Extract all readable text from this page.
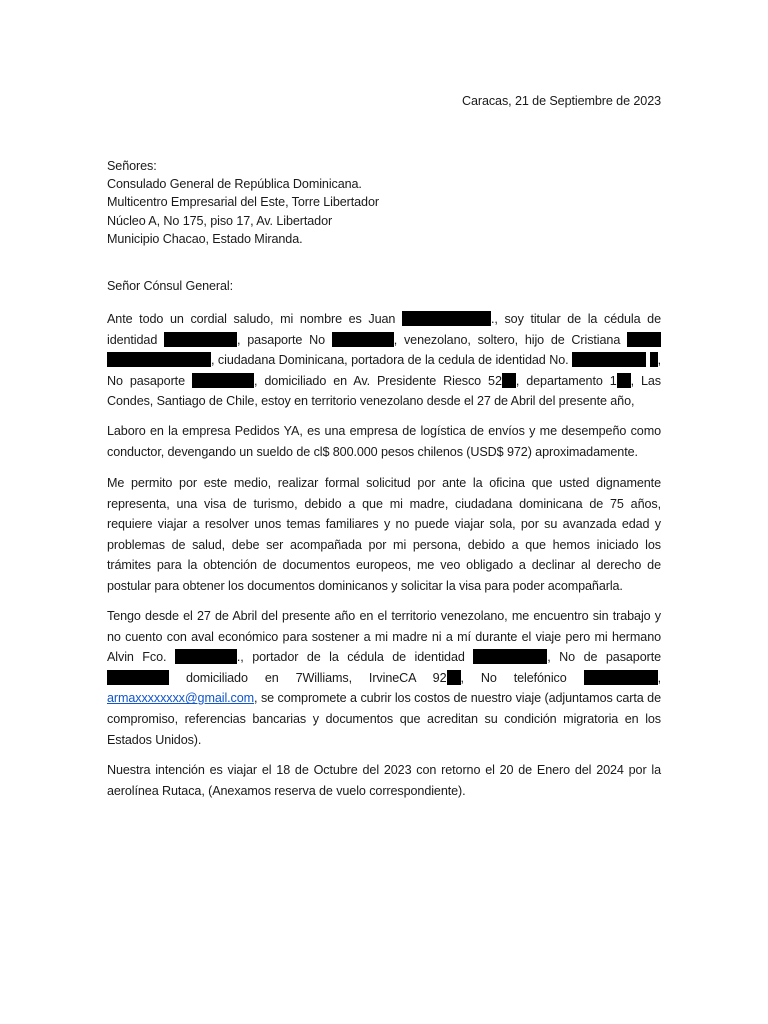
Caracas, 21 de Septiembre de 2023
Señores:
Consulado General de República Dominicana.
Multicentro Empresarial del Este, Torre Libertador
Núcleo A, No 175, piso 17, Av. Libertador
Municipio Chacao, Estado Miranda.
Señor Cónsul General:

Ante todo un cordial saludo, mi nombre es Juan	., soy titular de la cédula de identidad	, pasaporte No	, venezolano, soltero, hijo de Cristiana  , ciudadana Dominicana, portadora de la cedula de identidad No.	, No pasaporte	, domiciliado en Av. Presidente Riesco 52 , departamento 1 , Las Condes, Santiago de Chile, estoy en territorio venezolano desde el 27 de Abril del presente año,

Laboro en la empresa Pedidos YA, es una empresa de logística de envíos y me desempeño como conductor, devengando un sueldo de cl$ 800.000 pesos chilenos (USD$ 972) aproximadamente.

Me permito por este medio, realizar formal solicitud por ante la oficina que usted dignamente representa, una visa de turismo, debido a que mi madre, ciudadana dominicana de 75 años, requiere viajar a resolver unos temas familiares y no puede viajar sola, por su avanzada edad y problemas de salud, debe ser acompañada por mi persona, debido a que hemos iniciado los trámites para la obtención de documentos europeos, me veo obligado a declinar al derecho de postular para obtener los documentos dominicanos y solicitar la visa para poder acompañarla.

Tengo desde el 27 de Abril del presente año en el territorio venezolano, me encuentro sin trabajo y no cuento con aval económico para sostener a mi madre ni a mí durante el viaje pero mi hermano Alvin Fco.	., portador de la cédula de identidad	, No de pasaporte  domiciliado en 7Williams, IrvineCA 92 , No telefónico	, armaxxxxxxxx@gmail.com, se compromete a cubrir los costos de nuestro viaje (adjuntamos carta de compromiso, referencias bancarias y documentos que acreditan su condición migratoria en los Estados Unidos).

Nuestra intención es viajar el 18 de Octubre del 2023 con retorno el 20 de Enero del 2024 por la aerolínea Rutaca, (Anexamos reserva de vuelo correspondiente).
